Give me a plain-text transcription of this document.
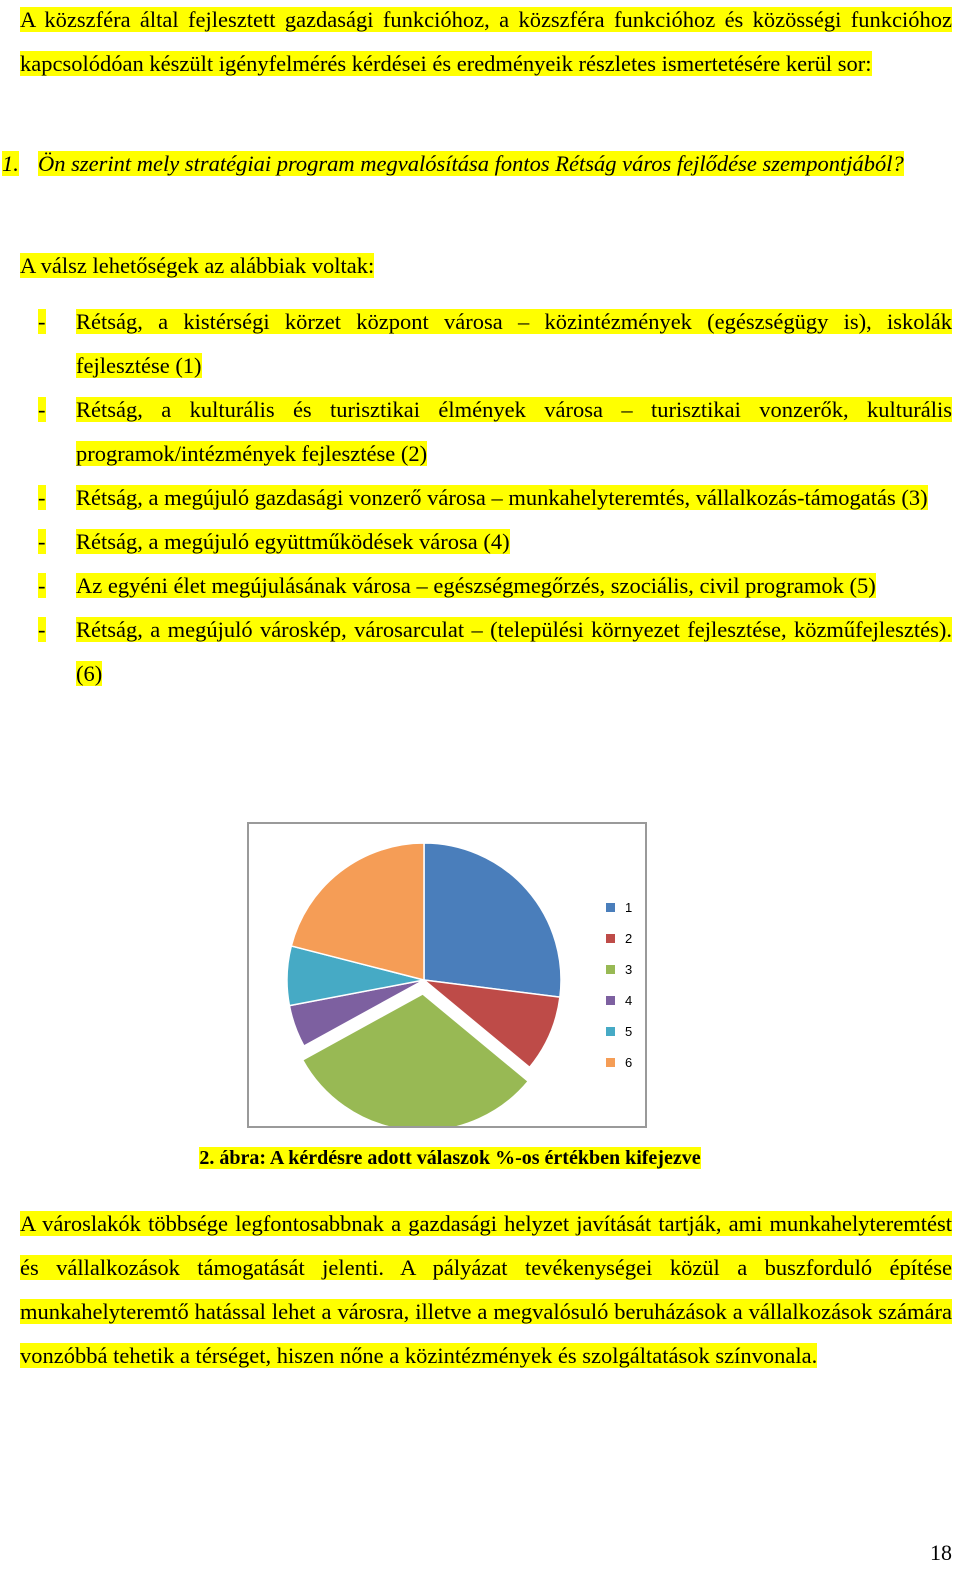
A közszféra által fejlesztett gazdasági funkcióhoz, a közszféra funkcióhoz és közösségi funkcióhoz kapcsolódóan készült igényfelmérés kérdései és eredményeik részletes ismertetésére kerül sor:

1. Ön szerint mely stratégiai program megvalósítása fontos Rétság város fejlődése szempontjából?

A válsz lehetőségek az alábbiak voltak:

-	Rétság, a kistérségi körzet központ városa – közintézmények (egészségügy is), iskolák fejlesztése (1)
-	Rétság, a kulturális és turisztikai élmények városa – turisztikai vonzerők, kulturális programok/intézmények fejlesztése (2)
-	Rétság, a megújuló gazdasági vonzerő városa – munkahelyteremtés, vállalkozás-támogatás (3)
-	Rétság, a megújuló együttműködések városa (4)
-	Az egyéni élet megújulásának városa – egészségmegőrzés, szociális, civil programok (5)
-	Rétság, a megújuló városkép, városarculat – (települési környezet fejlesztése, közműfejlesztés). (6)
1
2
3
4
5
6

2. ábra: A kérdésre adott válaszok %-os értékben kifejezve

A városlakók többsége legfontosabbnak a gazdasági helyzet javítását tartják, ami munkahelyteremtést és vállalkozások támogatását jelenti. A pályázat tevékenységei közül a buszforduló építése munkahelyteremtő hatással lehet a városra, illetve a megvalósuló beruházások a vállalkozások számára vonzóbbá tehetik a térséget, hiszen nőne a közintézmények és szolgáltatások színvonala.

18
